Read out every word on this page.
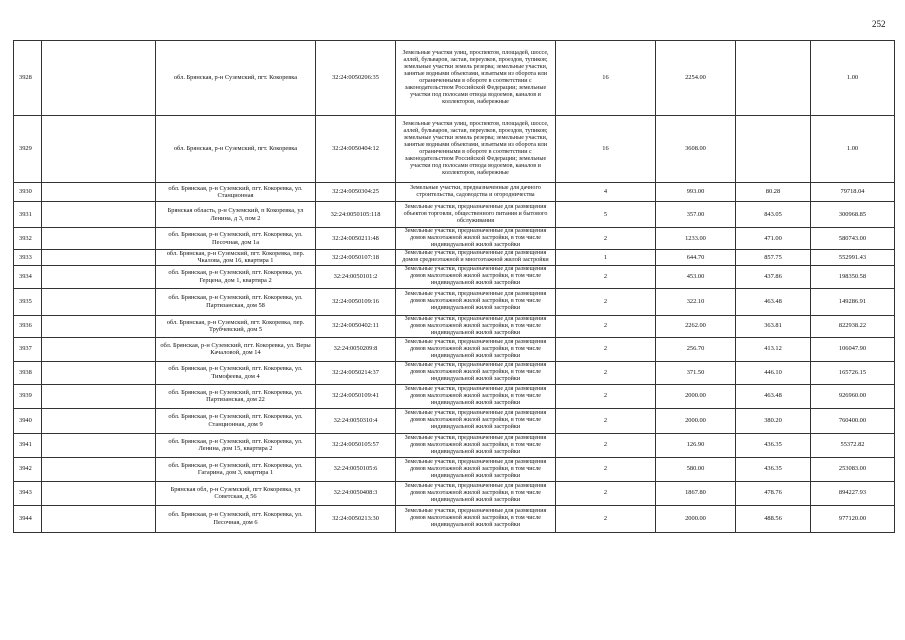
252
3928		обл. Брянская, р-н Суземский, пгт. Кокоревка	32:24:0050206:35	Земельные участки улиц, проспектов, площадей, шоссе, аллей, бульваров, застав, переулков, проездов, тупиков; земельные участки земель резерва; земельные участки, занятые водными объектами, изъятыми из оборота или ограниченными в обороте в соответствии с законодательством Российской Федерации; земельные участки под полосами отвода водоемов, каналов и коллекторов, набережные	16	2254.00		1.00
3929		обл. Брянская, р-н Суземский, пгт. Кокоревка	32:24:0050404:12	Земельные участки улиц, проспектов, площадей, шоссе, аллей, бульваров, застав, переулков, проездов, тупиков; земельные участки земель резерва; земельные участки, занятые водными объектами, изъятыми из оборота или ограниченными в обороте в соответствии с законодательством Российской Федерации; земельные участки под полосами отвода водоемов, каналов и коллекторов, набережные	16	3608.00		1.00
3930		обл. Брянская, р-н Суземский, пгт. Кокоревка, ул. Станционная	32:24:0050304:25	Земельные участки, предназначенные для дачного строительства, садоводства и огородничества	4	993.00	80.28	79718.04
3931		Брянская область, р-н Суземский, п Кокоревка, ул Ленина, д 3, пом 2	32:24:0050105:118	Земельные участки, предназначенные для размещения объектов торговли, общественного питания и бытового обслуживания	5	357.00	843.05	300968.85
3932		обл. Брянская, р-н Суземский, пгт. Кокоревка, ул. Песочная, дом 1а	32:24:0050211:48	Земельные участки, предназначенные для размещения домов малоэтажной жилой застройки, в том числе индивидуальной жилой застройки	2	1233.00	471.00	580743.00
3933		обл. Брянская, р-н Суземский, пгт. Кокоревка, пер. Чкалова, дом 16, квартира 1	32:24:0050107:18	Земельные участки, предназначенные для размещения домов среднеэтажной и многоэтажной жилой застройки	1	644.70	857.75	552991.43
3934		обл. Брянская, р-н Суземский, пгт. Кокоревка, ул. Герцена, дом 1, квартира 2	32:24:0050101:2	Земельные участки, предназначенные для размещения домов малоэтажной жилой застройки, в том числе индивидуальной жилой застройки	2	453.00	437.86	198350.58
3935		обл. Брянская, р-н Суземский, пгт. Кокоревка, ул. Партизанская, дом 58	32:24:0050109:16	Земельные участки, предназначенные для размещения домов малоэтажной жилой застройки, в том числе индивидуальной жилой застройки	2	322.10	463.48	149286.91
3936		обл. Брянская, р-н Суземский, пгт. Кокоревка, пер. Трубчевский, дом 5	32:24:0050402:11	Земельные участки, предназначенные для размещения домов малоэтажной жилой застройки, в том числе индивидуальной жилой застройки	2	2262.00	363.81	822938.22
3937		обл. Брянская, р-н Суземский, пгт. Кокоревка, ул. Веры Качаловой, дом 14	32:24:0050209:8	Земельные участки, предназначенные для размещения домов малоэтажной жилой застройки, в том числе индивидуальной жилой застройки	2	256.70	413.12	106047.90
3938		обл. Брянская, р-н Суземский, пгт. Кокоревка, ул. Тимофеева, дом 4	32:24:0050214:37	Земельные участки, предназначенные для размещения домов малоэтажной жилой застройки, в том числе индивидуальной жилой застройки	2	371.50	446.10	165726.15
3939		обл. Брянская, р-н Суземский, пгт. Кокоревка, ул. Партизанская, дом 22	32:24:0050109:41	Земельные участки, предназначенные для размещения домов малоэтажной жилой застройки, в том числе индивидуальной жилой застройки	2	2000.00	463.48	926960.00
3940		обл. Брянская, р-н Суземский, пгт. Кокоревка, ул. Станционная, дом 9	32:24:0050310:4	Земельные участки, предназначенные для размещения домов малоэтажной жилой застройки, в том числе индивидуальной жилой застройки	2	2000.00	380.20	760400.00
3941		обл. Брянская, р-н Суземский, пгт. Кокоревка, ул. Ленина, дом 15, квартира 2	32:24:0050105:57	Земельные участки, предназначенные для размещения домов малоэтажной жилой застройки, в том числе индивидуальной жилой застройки	2	126.90	436.35	55372.82
3942		обл. Брянская, р-н Суземский, пгт. Кокоревка, ул. Гагарина, дом 3, квартира 1	32:24:0050105:6	Земельные участки, предназначенные для размещения домов малоэтажной жилой застройки, в том числе индивидуальной жилой застройки	2	580.00	436.35	253083.00
3943		Брянская обл, р-н Суземский, пгт Кокоревка, ул Советская, д 56	32:24:0050408:3	Земельные участки, предназначенные для размещения домов малоэтажной жилой застройки, в том числе индивидуальной жилой застройки	2	1867.80	478.76	894227.93
3944		обл. Брянская, р-н Суземский, пгт. Кокоревка, ул. Песочная, дом 6	32:24:0050213:30	Земельные участки, предназначенные для размещения домов малоэтажной жилой застройки, в том числе индивидуальной жилой застройки	2	2000.00	488.56	977120.00
